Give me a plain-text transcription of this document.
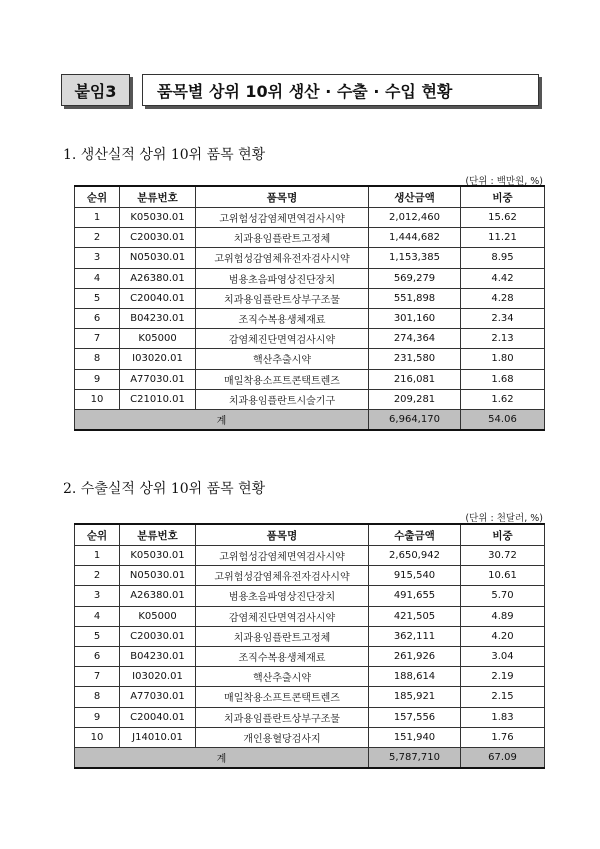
붙임3	품목별 상위 10위 생산 · 수출 · 수입 현황
1. 생산실적 상위 10위 품목 현황
(단위 : 백만원, %)
순위	분류번호	품목명	생산금액	비중
1	K05030.01	고위험성감염체면역검사시약	2,012,460	15.62
2	C20030.01	치과용임플란트고정체	1,444,682	11.21
3	N05030.01	고위험성감염체유전자검사시약	1,153,385	8.95
4	A26380.01	범용초음파영상진단장치	569,279	4.42
5	C20040.01	치과용임플란트상부구조물	551,898	4.28
6	B04230.01	조직수복용생체재료	301,160	2.34
7	K05000	감염체진단면역검사시약	274,364	2.13
8	I03020.01	핵산추출시약	231,580	1.80
9	A77030.01	매일착용소프트콘택트렌즈	216,081	1.68
10	C21010.01	치과용임플란트시술기구	209,281	1.62
계			6,964,170	54.06
2. 수출실적 상위 10위 품목 현황
(단위 : 천달러, %)
순위	분류번호	품목명	수출금액	비중
1	K05030.01	고위험성감염체면역검사시약	2,650,942	30.72
2	N05030.01	고위험성감염체유전자검사시약	915,540	10.61
3	A26380.01	범용초음파영상진단장치	491,655	5.70
4	K05000	감염체진단면역검사시약	421,505	4.89
5	C20030.01	치과용임플란트고정체	362,111	4.20
6	B04230.01	조직수복용생체재료	261,926	3.04
7	I03020.01	핵산추출시약	188,614	2.19
8	A77030.01	매일착용소프트콘택트렌즈	185,921	2.15
9	C20040.01	치과용임플란트상부구조물	157,556	1.83
10	J14010.01	개인용혈당검사지	151,940	1.76
계			5,787,710	67.09
